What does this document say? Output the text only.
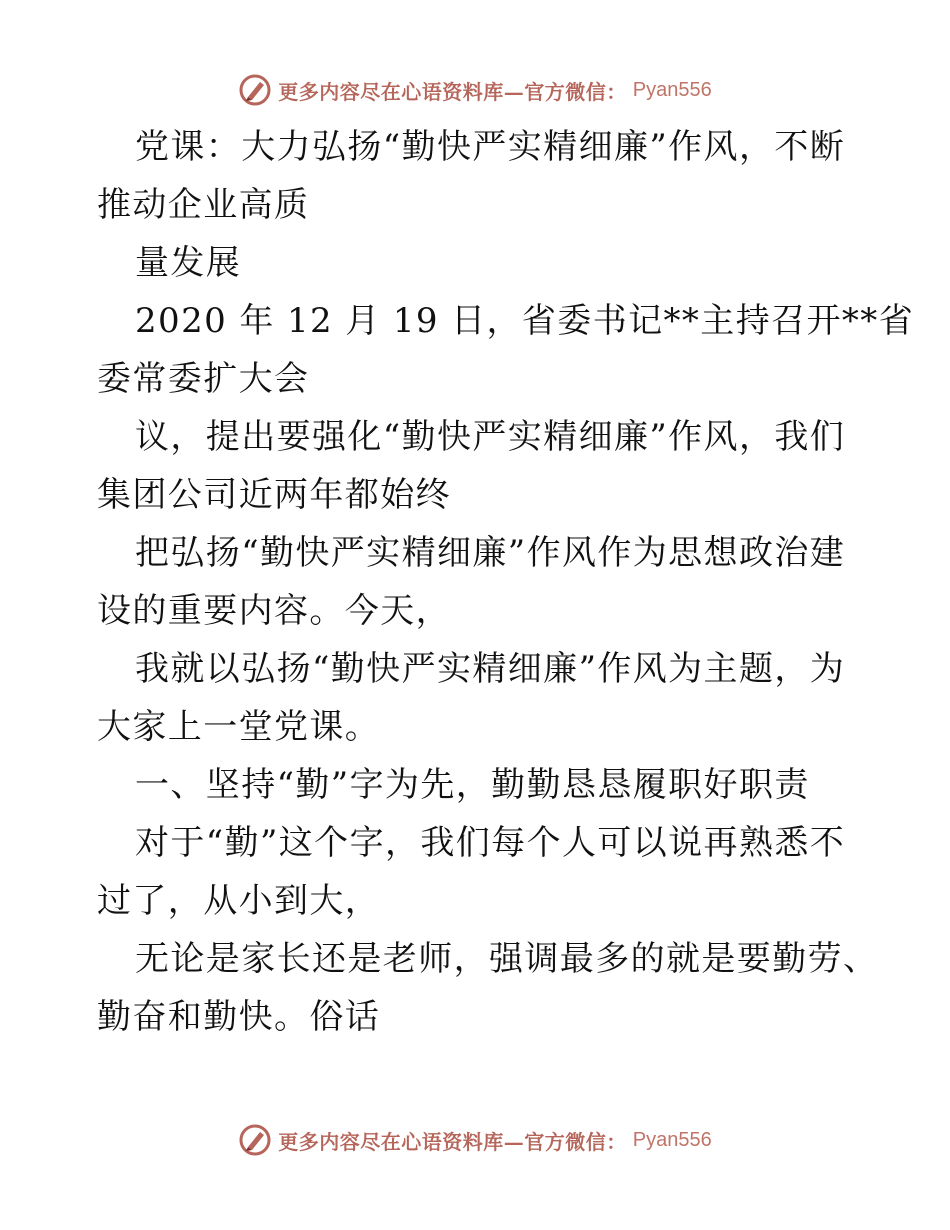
更多内容尽在心语资料库—官方微信： Pyan556
党课：大力弘扬“勤快严实精细廉”作风，不断
推动企业高质
量发展
2020 年 12 月 19 日，省委书记**主持召开**省
委常委扩大会
议，提出要强化“勤快严实精细廉”作风，我们
集团公司近两年都始终
把弘扬“勤快严实精细廉”作风作为思想政治建
设的重要内容。今天，
我就以弘扬“勤快严实精细廉”作风为主题，为
大家上一堂党课。
一、坚持“勤”字为先，勤勤恳恳履职好职责
对于“勤”这个字，我们每个人可以说再熟悉不
过了，从小到大，
无论是家长还是老师，强调最多的就是要勤劳、
勤奋和勤快。俗话
更多内容尽在心语资料库—官方微信： Pyan556
